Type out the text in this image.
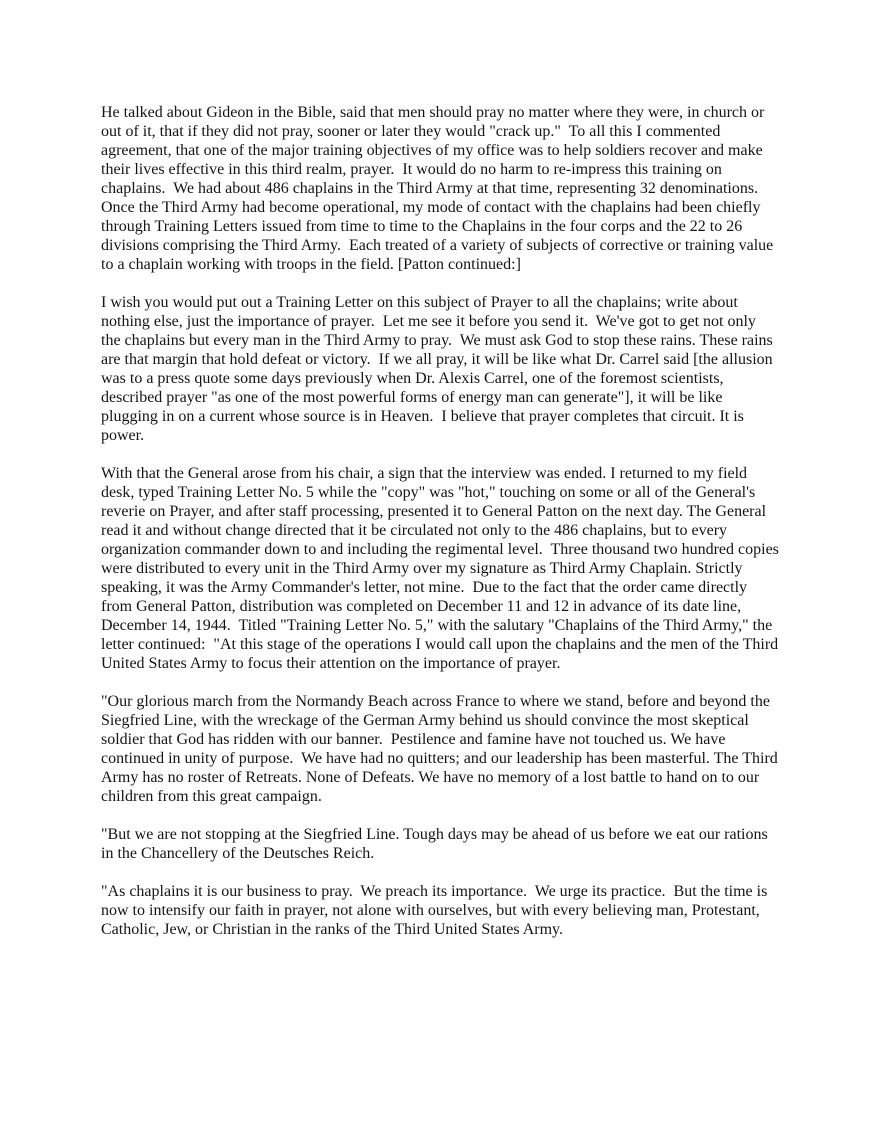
He talked about Gideon in the Bible, said that men should pray no matter where they were, in church or out of it, that if they did not pray, sooner or later they would "crack up."  To all this I commented agreement, that one of the major training objectives of my office was to help soldiers recover and make their lives effective in this third realm, prayer.  It would do no harm to re-impress this training on chaplains.  We had about 486 chaplains in the Third Army at that time, representing 32 denominations.  Once the Third Army had become operational, my mode of contact with the chaplains had been chiefly through Training Letters issued from time to time to the Chaplains in the four corps and the 22 to 26 divisions comprising the Third Army.  Each treated of a variety of subjects of corrective or training value to a chaplain working with troops in the field. [Patton continued:]

I wish you would put out a Training Letter on this subject of Prayer to all the chaplains; write about nothing else, just the importance of prayer.  Let me see it before you send it.  We've got to get not only the chaplains but every man in the Third Army to pray.  We must ask God to stop these rains. These rains are that margin that hold defeat or victory.  If we all pray, it will be like what Dr. Carrel said [the allusion was to a press quote some days previously when Dr. Alexis Carrel, one of the foremost scientists, described prayer "as one of the most powerful forms of energy man can generate"], it will be like plugging in on a current whose source is in Heaven.  I believe that prayer completes that circuit. It is power.

With that the General arose from his chair, a sign that the interview was ended. I returned to my field desk, typed Training Letter No. 5 while the "copy" was "hot," touching on some or all of the General's reverie on Prayer, and after staff processing, presented it to General Patton on the next day. The General read it and without change directed that it be circulated not only to the 486 chaplains, but to every organization commander down to and including the regimental level.  Three thousand two hundred copies were distributed to every unit in the Third Army over my signature as Third Army Chaplain. Strictly speaking, it was the Army Commander's letter, not mine.  Due to the fact that the order came directly from General Patton, distribution was completed on December 11 and 12 in advance of its date line, December 14, 1944.  Titled "Training Letter No. 5," with the salutary "Chaplains of the Third Army," the letter continued:  "At this stage of the operations I would call upon the chaplains and the men of the Third United States Army to focus their attention on the importance of prayer.

"Our glorious march from the Normandy Beach across France to where we stand, before and beyond the Siegfried Line, with the wreckage of the German Army behind us should convince the most skeptical soldier that God has ridden with our banner.  Pestilence and famine have not touched us. We have continued in unity of purpose.  We have had no quitters; and our leadership has been masterful. The Third Army has no roster of Retreats. None of Defeats. We have no memory of a lost battle to hand on to our children from this great campaign.

"But we are not stopping at the Siegfried Line. Tough days may be ahead of us before we eat our rations in the Chancellery of the Deutsches Reich.

"As chaplains it is our business to pray.  We preach its importance.  We urge its practice.  But the time is now to intensify our faith in prayer, not alone with ourselves, but with every believing man, Protestant, Catholic, Jew, or Christian in the ranks of the Third United States Army.
